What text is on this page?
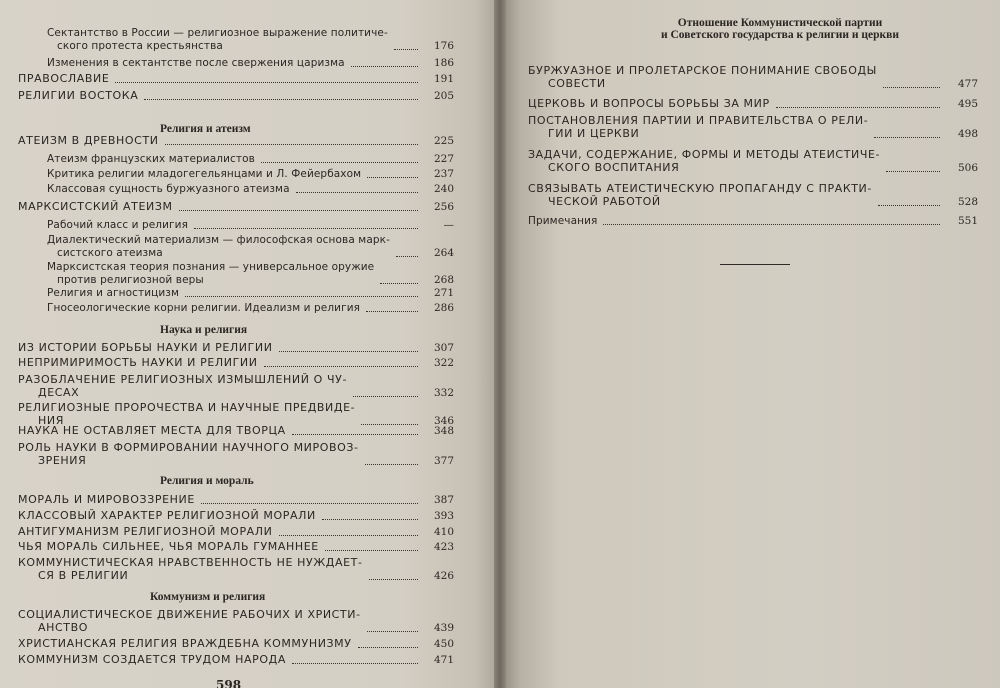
Сектантство в России — религиозное выражение политиче-
ского протеста крестьянства	176
Изменения в сектантстве после свержения царизма	186
ПРАВОСЛАВИЕ	191
РЕЛИГИИ ВОСТОКА	205
АТЕИЗМ В ДРЕВНОСТИ	225
Атеизм французских материалистов	227
Критика религии младогегельянцами и Л. Фейербахом	237
Классовая сущность буржуазного атеизма	240
МАРКСИСТСКИЙ АТЕИЗМ	256
Рабочий класс и религия	—
Диалектический материализм — философская основа марк-
систского атеизма	264
Марксистская теория познания — универсальное оружие
против религиозной веры	268
Религия и агностицизм	271
Гносеологические корни религии. Идеализм и религия	286
ИЗ ИСТОРИИ БОРЬБЫ НАУКИ И РЕЛИГИИ	307
НЕПРИМИРИМОСТЬ НАУКИ И РЕЛИГИИ	322
РАЗОБЛАЧЕНИЕ РЕЛИГИОЗНЫХ ИЗМЫШЛЕНИЙ О ЧУ-
ДЕСАХ	332
РЕЛИГИОЗНЫЕ ПРОРОЧЕСТВА И НАУЧНЫЕ ПРЕДВИДЕ-
НИЯ	346
НАУКА НЕ ОСТАВЛЯЕТ МЕСТА ДЛЯ ТВОРЦА	348
РОЛЬ НАУКИ В ФОРМИРОВАНИИ НАУЧНОГО МИРОВОЗ-
ЗРЕНИЯ	377
МОРАЛЬ И МИРОВОЗЗРЕНИЕ	387
КЛАССОВЫЙ ХАРАКТЕР РЕЛИГИОЗНОЙ МОРАЛИ	393
АНТИГУМАНИЗМ РЕЛИГИОЗНОЙ МОРАЛИ	410
ЧЬЯ МОРАЛЬ СИЛЬНЕЕ, ЧЬЯ МОРАЛЬ ГУМАННЕЕ	423
КОММУНИСТИЧЕСКАЯ НРАВСТВЕННОСТЬ НЕ НУЖДАЕТ-
СЯ В РЕЛИГИИ	426
СОЦИАЛИСТИЧЕСКОЕ ДВИЖЕНИЕ РАБОЧИХ И ХРИСТИ-
АНСТВО	439
ХРИСТИАНСКАЯ РЕЛИГИЯ ВРАЖДЕБНА КОММУНИЗМУ	450
КОММУНИЗМ СОЗДАЕТСЯ ТРУДОМ НАРОДА	471
Религия и атеизм
Наука и религия
Религия и мораль
Коммунизм и религия
598
Отношение Коммунистической партии
и Советского государства к религии и церкви
БУРЖУАЗНОЕ И ПРОЛЕТАРСКОЕ ПОНИМАНИЕ СВОБОДЫ
СОВЕСТИ	477
ЦЕРКОВЬ И ВОПРОСЫ БОРЬБЫ ЗА МИР	495
ПОСТАНОВЛЕНИЯ ПАРТИИ И ПРАВИТЕЛЬСТВА О РЕЛИ-
ГИИ И ЦЕРКВИ	498
ЗАДАЧИ, СОДЕРЖАНИЕ, ФОРМЫ И МЕТОДЫ АТЕИСТИЧЕ-
СКОГО ВОСПИТАНИЯ	506
СВЯЗЫВАТЬ АТЕИСТИЧЕСКУЮ ПРОПАГАНДУ С ПРАКТИ-
ЧЕСКОЙ РАБОТОЙ	528
Примечания	551
